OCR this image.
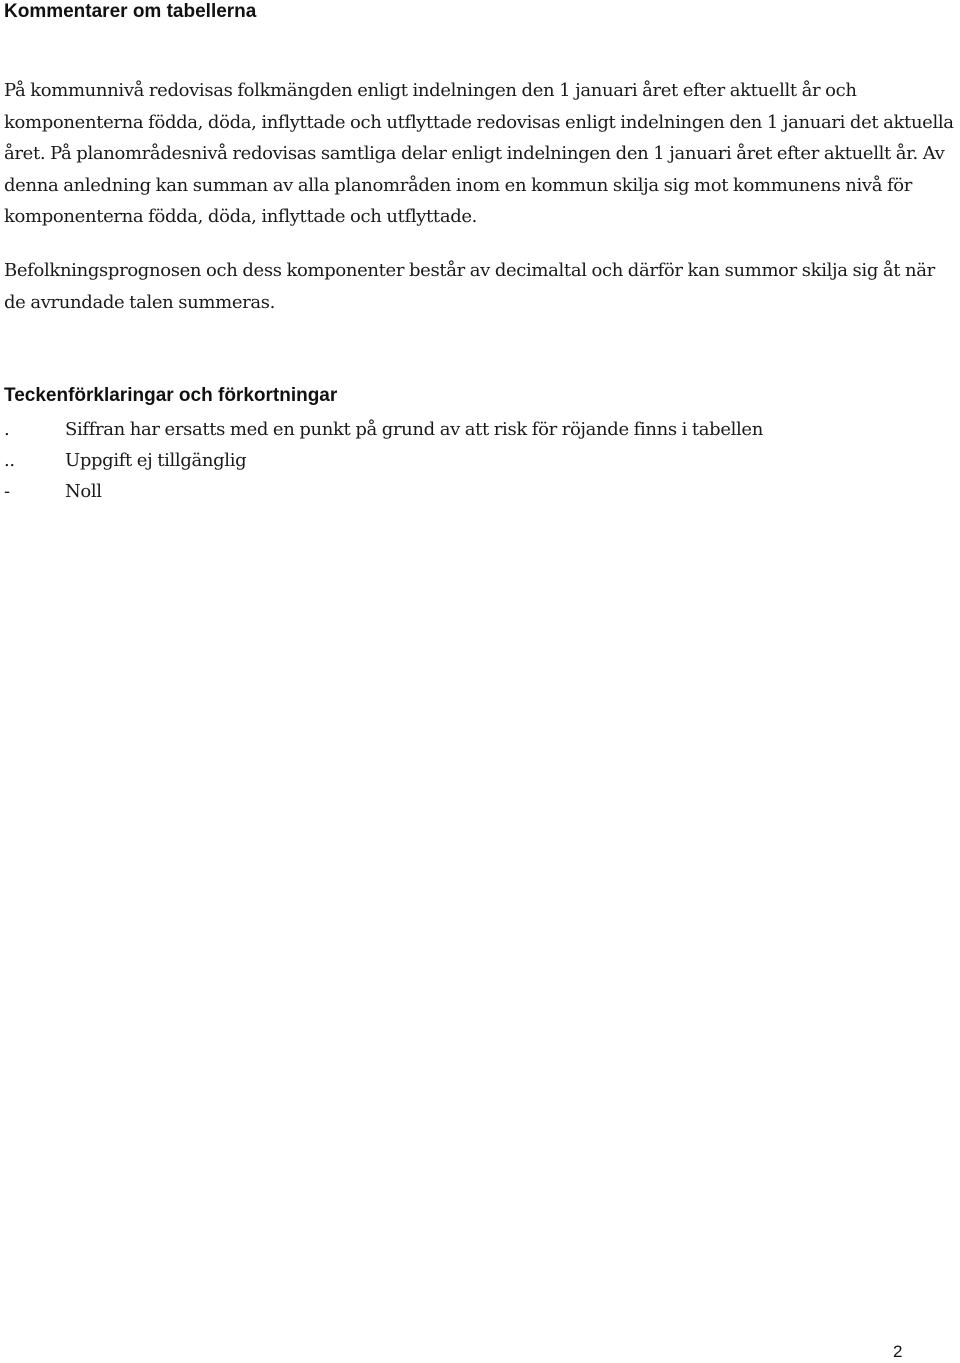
Kommentarer om tabellerna

På kommunnivå redovisas folkmängden enligt indelningen den 1 januari året efter aktuellt år och komponenterna födda, döda, inflyttade och utflyttade redovisas enligt indelningen den 1 januari det aktuella året. På planområdesnivå redovisas samtliga delar enligt indelningen den 1 januari året efter aktuellt år. Av denna anledning kan summan av alla planområden inom en kommun skilja sig mot kommunens nivå för komponenterna födda, döda, inflyttade och utflyttade.

Befolkningsprognosen och dess komponenter består av decimaltal och därför kan summor skilja sig åt när de avrundade talen summeras.

Teckenförklaringar och förkortningar
.	Siffran har ersatts med en punkt på grund av att risk för röjande finns i tabellen
..	Uppgift ej tillgänglig
-	Noll
2
